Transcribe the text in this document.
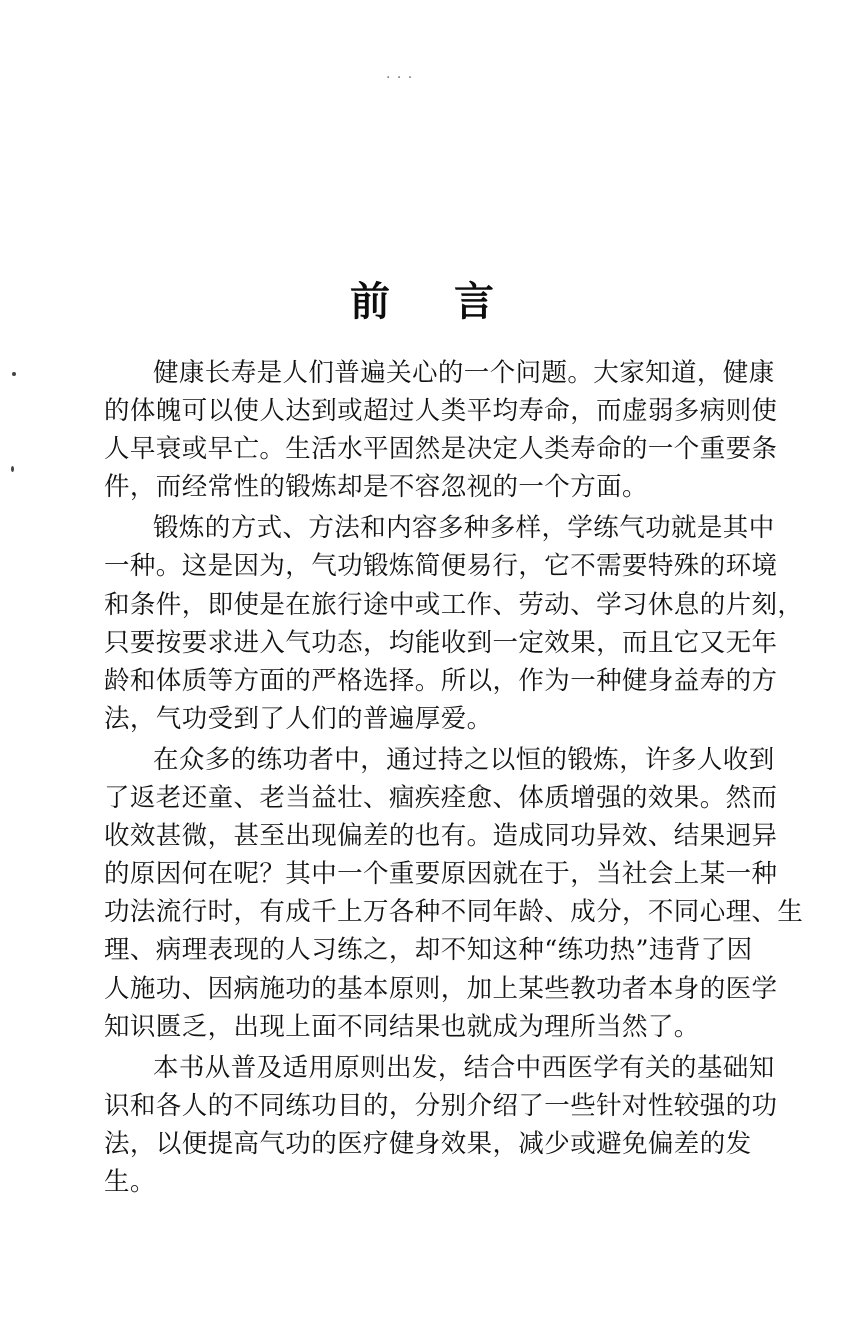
· · ·
前言
健康长寿是人们普遍关心的一个问题。大家知道，健康
的体魄可以使人达到或超过人类平均寿命，而虚弱多病则使
人早衰或早亡。生活水平固然是决定人类寿命的一个重要条
件，而经常性的锻炼却是不容忽视的一个方面。
锻炼的方式、方法和内容多种多样，学练气功就是其中
一种。这是因为，气功锻炼简便易行，它不需要特殊的环境
和条件，即使是在旅行途中或工作、劳动、学习休息的片刻，
只要按要求进入气功态，均能收到一定效果，而且它又无年
龄和体质等方面的严格选择。所以，作为一种健身益寿的方
法，气功受到了人们的普遍厚爱。
在众多的练功者中，通过持之以恒的锻炼，许多人收到
了返老还童、老当益壮、痼疾痊愈、体质增强的效果。然而
收效甚微，甚至出现偏差的也有。造成同功异效、结果迥异
的原因何在呢？其中一个重要原因就在于，当社会上某一种
功法流行时，有成千上万各种不同年龄、成分，不同心理、生
理、病理表现的人习练之，却不知这种“练功热”违背了因
人施功、因病施功的基本原则，加上某些教功者本身的医学
知识匮乏，出现上面不同结果也就成为理所当然了。
本书从普及适用原则出发，结合中西医学有关的基础知
识和各人的不同练功目的，分别介绍了一些针对性较强的功
法，以便提高气功的医疗健身效果，减少或避免偏差的发
生。
